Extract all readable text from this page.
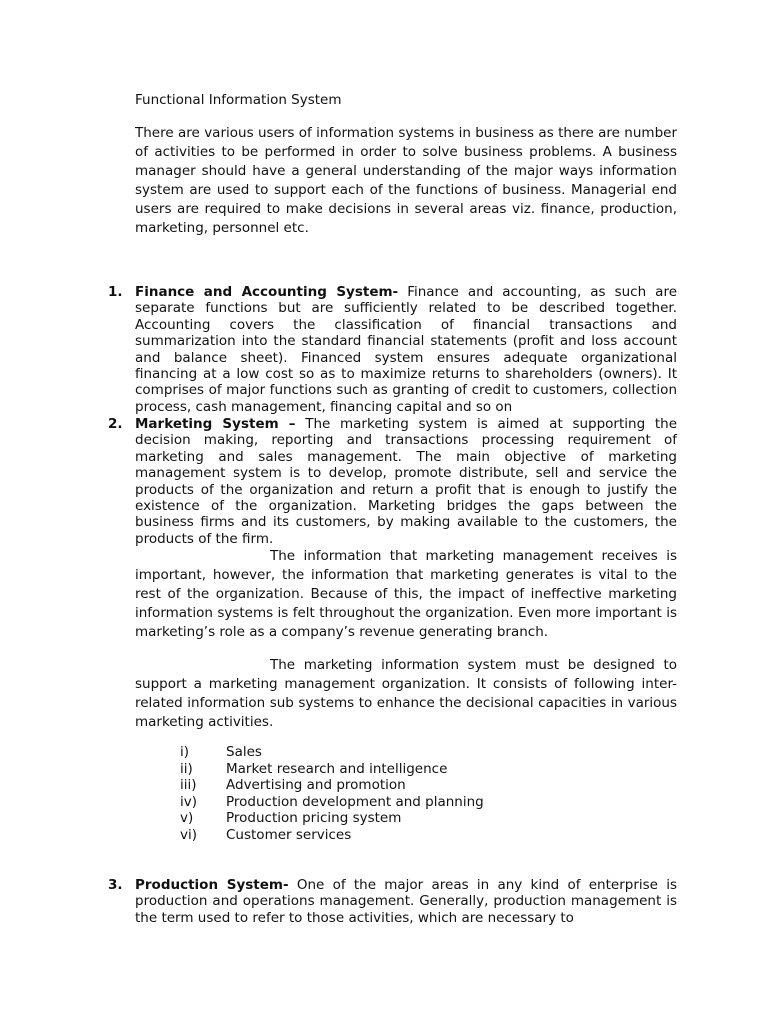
Functional Information System

There are various users of information systems in business as there are number of activities to be performed in order to solve business problems. A business manager should have a general understanding of the major ways information system are used to support each of the functions of business. Managerial end users are required to make decisions in several areas viz. finance, production, marketing, personnel etc.

1. Finance and Accounting System- Finance and accounting, as such are separate functions but are sufficiently related to be described together. Accounting covers the classification of financial transactions and summarization into the standard financial statements (profit and loss account and balance sheet). Financed system ensures adequate organizational financing at a low cost so as to maximize returns to shareholders (owners). It comprises of major functions such as granting of credit to customers, collection process, cash management, financing capital and so on
2. Marketing System – The marketing system is aimed at supporting the decision making, reporting and transactions processing requirement of marketing and sales management. The main objective of marketing management system is to develop, promote distribute, sell and service the products of the organization and return a profit that is enough to justify the existence of the organization. Marketing bridges the gaps between the business firms and its customers, by making available to the customers, the products of the firm.

The information that marketing management receives is important, however, the information that marketing generates is vital to the rest of the organization. Because of this, the impact of ineffective marketing information systems is felt throughout the organization. Even more important is marketing’s role as a company’s revenue generating branch.

The marketing information system must be designed to support a marketing management organization. It consists of following inter-related information sub systems to enhance the decisional capacities in various marketing activities.

i)	Sales
ii) Market research and intelligence
iii) Advertising and promotion
iv) Production development and planning
v) Production pricing system
vi) Customer services
3. Production System- One of the major areas in any kind of enterprise is production and operations management. Generally, production management is the term used to refer to those activities, which are necessary to
